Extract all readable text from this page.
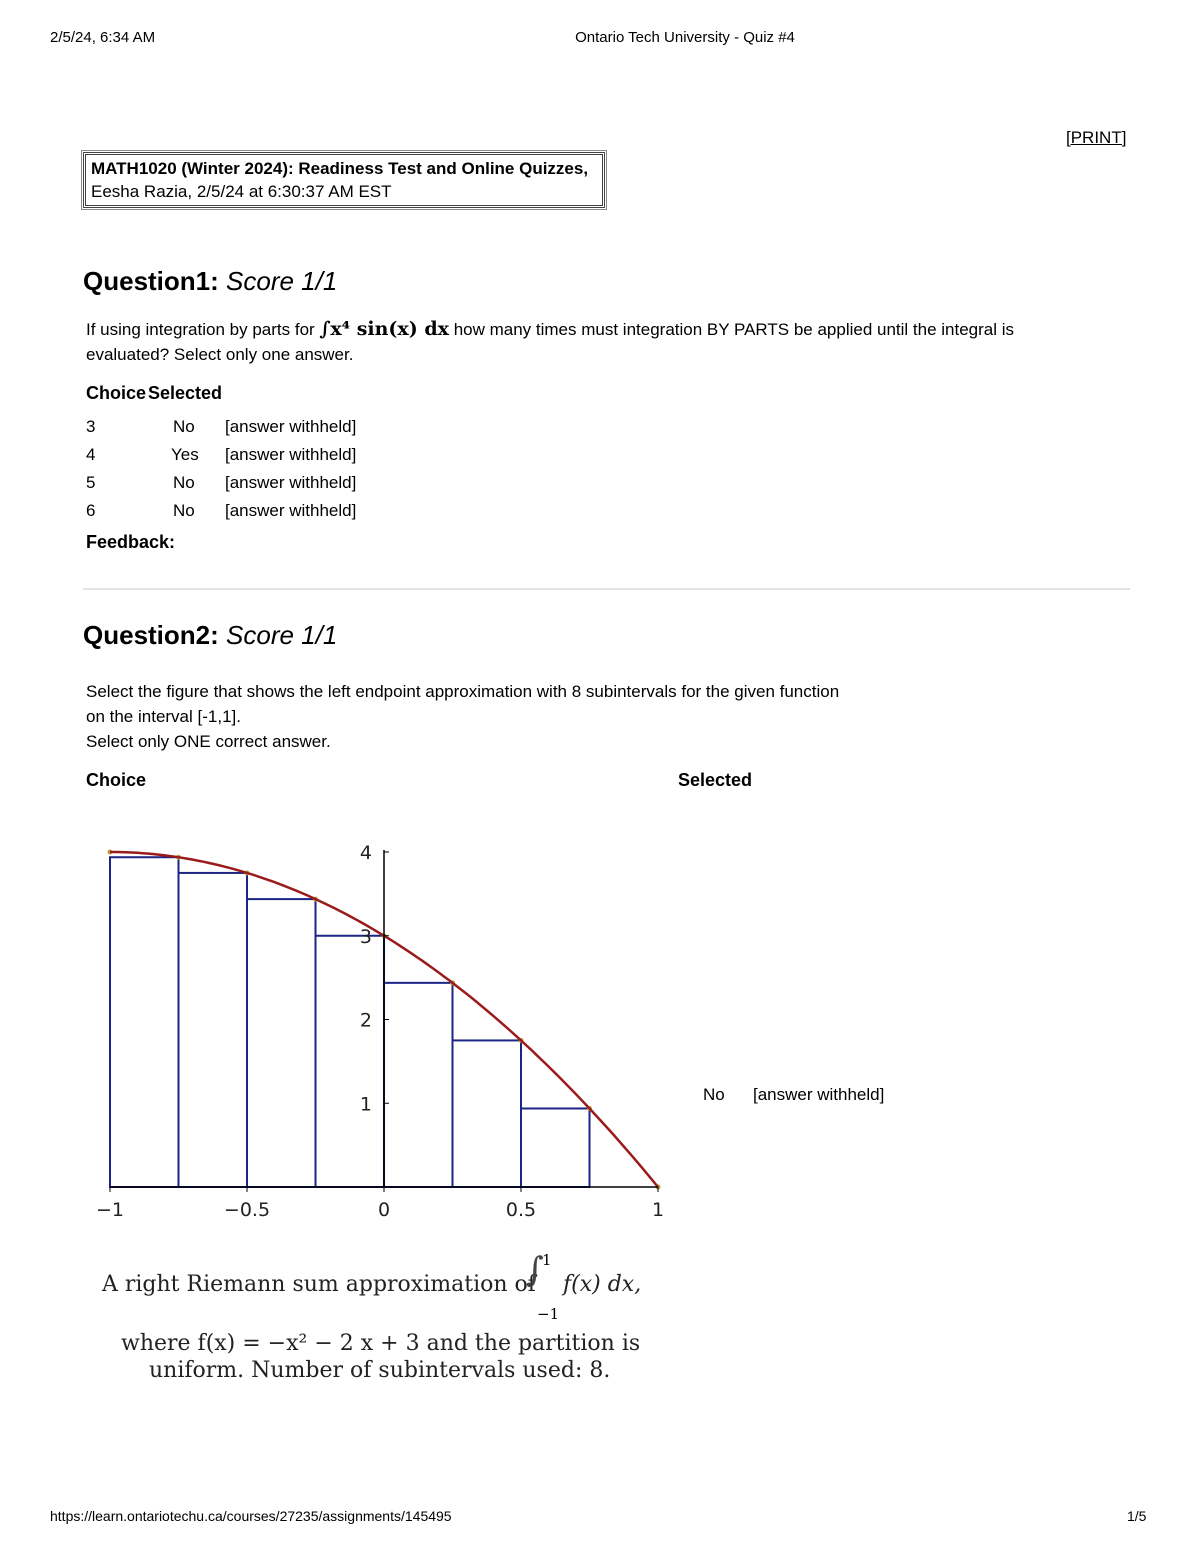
2/5/24, 6:34 AM	Ontario Tech University - Quiz #4
[PRINT]
MATH1020 (Winter 2024): Readiness Test and Online Quizzes,
Eesha Razia, 2/5/24 at 6:30:37 AM EST
Question1: Score 1/1
If using integration by parts for ∫x⁴ sin(x) dx how many times must integration BY PARTS be applied until the integral is
evaluated? Select only one answer.
Choice Selected
3	No [answer withheld]
4	Yes [answer withheld]
5	No [answer withheld]
6	No [answer withheld]
Feedback:
Question2: Score 1/1
Select the figure that shows the left endpoint approximation with 8 subintervals for the given function
on the interval [-1,1].
Select only ONE correct answer.
Choice	Selected
−1	−0.5	0	0.5	1
1
2
3
4
No [answer withheld]
A right Riemann sum approximation of
∫
1
−1
f(x) dx,
where f(x) = −x² − 2 x + 3 and the partition is
uniform. Number of subintervals used: 8.
https://learn.ontariotechu.ca/courses/27235/assignments/145495	1/5
